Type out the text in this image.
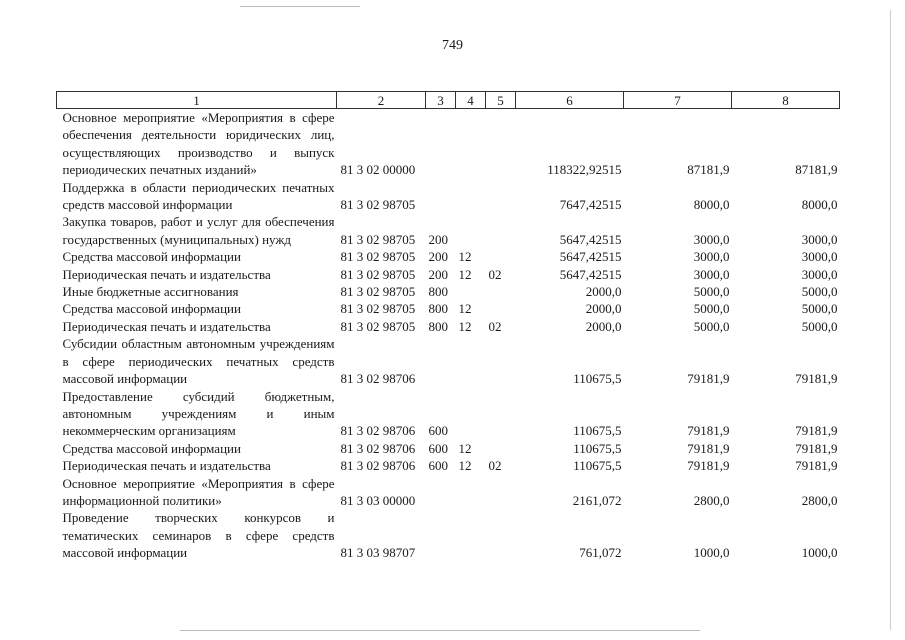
749
1	2	3	4	5	6	7	8
Основное мероприятие «Мероприятия в сфере обеспечения деятельности юридических лиц, осуществляющих производство и выпуск периодических печатных изданий»	81 3 02 00000				118322,92515	87181,9	87181,9
Поддержка в области периодических печатных средств массовой информации	81 3 02 98705				7647,42515	8000,0	8000,0
Закупка товаров, работ и услуг для обеспечения государственных (муниципальных) нужд	81 3 02 98705	200			5647,42515	3000,0	3000,0
Средства массовой информации	81 3 02 98705	200	12		5647,42515	3000,0	3000,0
Периодическая печать и издательства	81 3 02 98705	200	12	02	5647,42515	3000,0	3000,0
Иные бюджетные ассигнования	81 3 02 98705	800			2000,0	5000,0	5000,0
Средства массовой информации	81 3 02 98705	800	12		2000,0	5000,0	5000,0
Периодическая печать и издательства	81 3 02 98705	800	12	02	2000,0	5000,0	5000,0
Субсидии областным автономным учреждениям в сфере периодических печатных средств массовой информации	81 3 02 98706				110675,5	79181,9	79181,9
Предоставление субсидий бюджетным, автономным учреждениям и иным некоммерческим организациям	81 3 02 98706	600			110675,5	79181,9	79181,9
Средства массовой информации	81 3 02 98706	600	12		110675,5	79181,9	79181,9
Периодическая печать и издательства	81 3 02 98706	600	12	02	110675,5	79181,9	79181,9
Основное мероприятие «Мероприятия в сфере информационной политики»	81 3 03 00000				2161,072	2800,0	2800,0
Проведение творческих конкурсов и тематических семинаров в сфере средств массовой информации	81 3 03 98707				761,072	1000,0	1000,0
